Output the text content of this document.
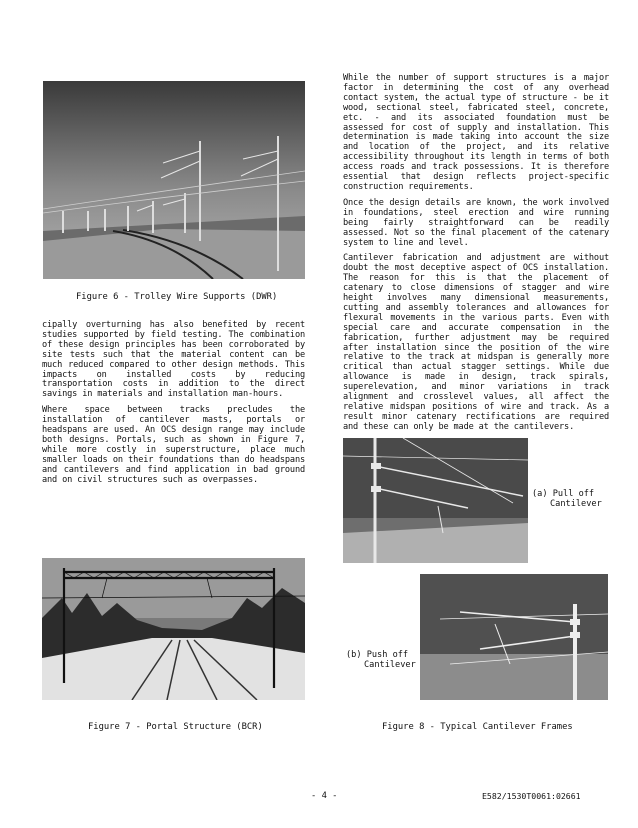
Figure 6 - Trolley Wire Supports (DWR)

cipally overturning has also benefited by recent studies supported by field testing. The combination of these design principles has been corroborated by site tests such that the material content can be much reduced compared to other design methods. This impacts on installed costs by reducing transportation costs in addition to the direct savings in materials and installation man-hours.

Where space between tracks precludes the installation of cantilever masts, portals or headspans are used. An OCS design range may include both designs. Portals, such as shown in Figure 7, while more costly in superstructure, place much smaller loads on their foundations than do headspans and cantilevers and find application in bad ground and on civil structures such as overpasses.

Figure 7 - Portal Structure (BCR)

While the number of support structures is a major factor in determining the cost of any overhead contact system, the actual type of structure - be it wood, sectional steel, fabricated steel, concrete, etc. - and its associated foundation must be assessed for cost of supply and installation. This determination is made taking into account the size and location of the project, and its relative accessibility throughout its length in terms of both access roads and track possessions. It is therefore essential that design reflects project-specific construction requirements.

Once the design details are known, the work involved in foundations, steel erection and wire running being fairly straightforward can be readily assessed. Not so the final placement of the catenary system to line and level.

Cantilever fabrication and adjustment are without doubt the most deceptive aspect of OCS installation. The reason for this is that the placement of catenary to close dimensions of stagger and wire height involves many dimensional measurements, cutting and assembly tolerances and allowances for flexural movements in the various parts. Even with special care and accurate compensation in the fabrication, further adjustment may be required after installation since the position of the wire relative to the track at midspan is generally more critical than actual stagger settings. While due allowance is made in design, track spirals, superelevation, and minor variations in track alignment and crosslevel values, all affect the relative midspan positions of wire and track. As a result minor catenary rectifications are required and these can only be made at the cantilevers.

(a) Pull off
Cantilever
(b) Push off
Cantilever
Figure 8 - Typical Cantilever Frames
- 4 -	E582/1530T0061:02661
